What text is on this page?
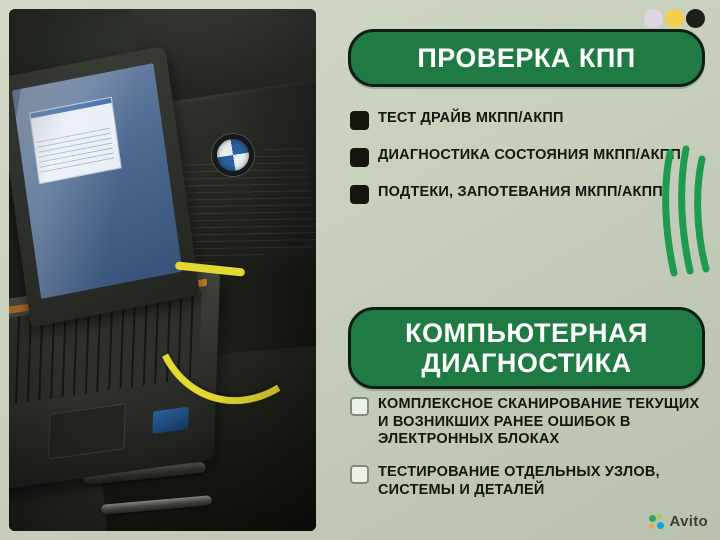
ПРОВЕРКА КПП
ТЕСТ ДРАЙВ МКПП/АКПП
ДИАГНОСТИКА СОСТОЯНИЯ МКПП/АКПП
ПОДТЕКИ, ЗАПОТЕВАНИЯ МКПП/АКПП
КОМПЬЮТЕРНАЯ
ДИАГНОСТИКА
КОМПЛЕКСНОЕ СКАНИРОВАНИЕ ТЕКУЩИХ И ВОЗНИКШИХ РАНЕЕ ОШИБОК В ЭЛЕКТРОННЫХ БЛОКАХ
ТЕСТИРОВАНИЕ ОТДЕЛЬНЫХ УЗЛОВ, СИСТЕМЫ И ДЕТАЛЕЙ
Avito
